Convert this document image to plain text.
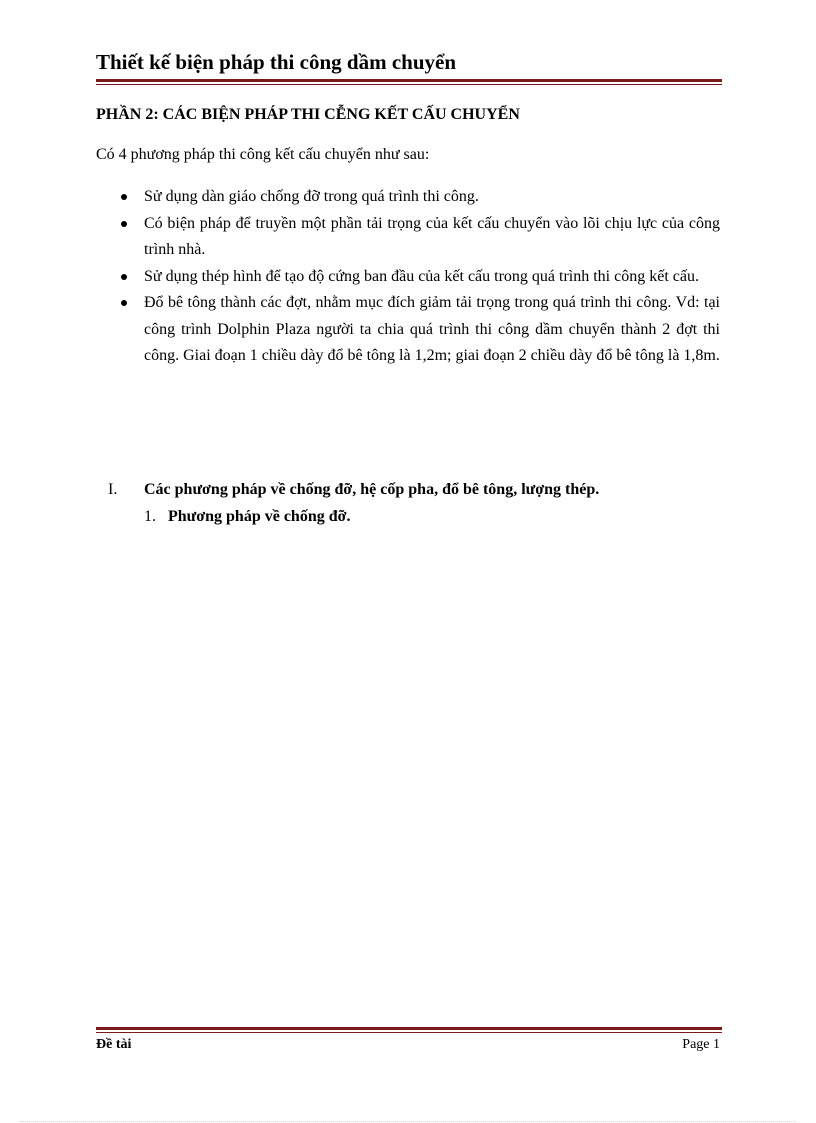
Thiết kế biện pháp thi công dầm chuyển
PHẦN 2: CÁC BIỆN PHÁP THI CỄNG KẾT CẤU CHUYỂN
Có 4 phương pháp thi công kết cấu chuyển như sau:
Sử dụng dàn giáo chống đỡ trong quá trình thi công.
Có biện pháp để truyền một phần tải trọng của kết cấu chuyển vào lõi chịu lực của công trình nhà.
Sử dụng thép hình để tạo độ cứng ban đầu của kết cấu trong quá trình thi công kết cấu.
Đổ bê tông thành các đợt, nhằm mục đích giảm tải trọng trong quá trình thi công. Vd: tại công trình Dolphin Plaza người ta chia quá trình thi công dầm chuyển thành 2 đợt thi công. Giai đoạn 1 chiều dày đổ bê tông là 1,2m; giai đoạn 2 chiều dày đổ bê tông là 1,8m.
I. Các phương pháp về chống đỡ, hệ cốp pha, đổ bê tông, lượng thép.
1. Phương pháp về chống đỡ.
Đề tài	Page 1
